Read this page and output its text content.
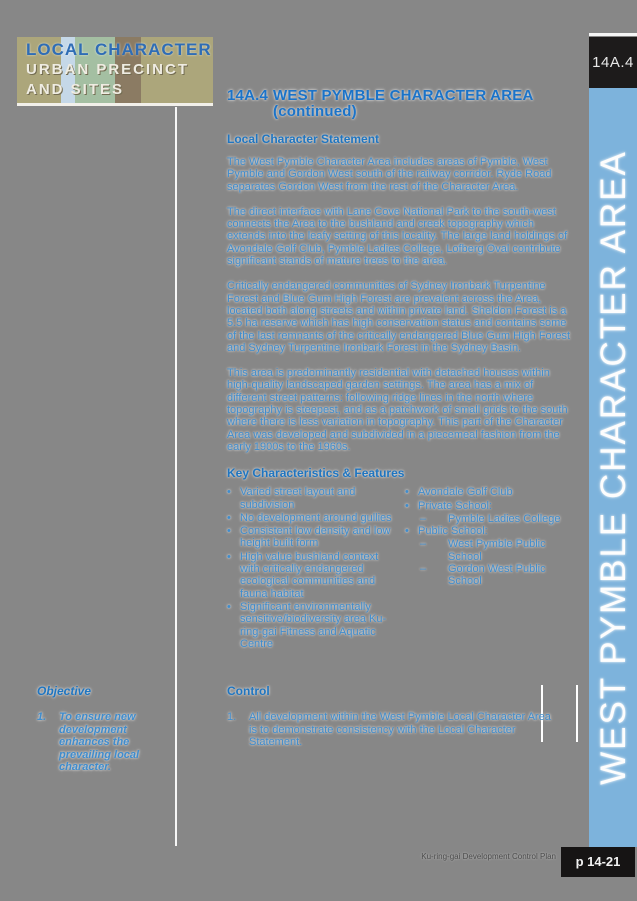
LOCAL CHARACTER
URBAN PRECINCT
AND SITES
14A.4
WEST PYMBLE CHARACTER AREA
p 14-21
Ku-ring-gai Development Control Plan
14A.4 WEST PYMBLE CHARACTER AREA
(continued)
Local Character Statement

The West Pymble Character Area includes areas of Pymble, West Pymble and Gordon West south of the railway corridor. Ryde Road separates Gordon West from the rest of the Character Area.

The direct interface with Lane Cove National Park to the south-west connects the Area to the bushland and creek topography which extends into the leafy setting of this locality. The large land holdings of Avondale Golf Club, Pymble Ladies College, Lofberg Oval contribute significant stands of mature trees to the area.

Critically endangered communities of Sydney Ironbark Turpentine Forest and Blue Gum High Forest are prevalent across the Area, located both along streets and within private land. Sheldon Forest is a 5.5 ha reserve which has high conservation status and contains some of the last remnants of the critically endangered Blue Gum High Forest and Sydney Turpentine Ironbark Forest in the Sydney Basin.

This area is predominantly residential with detached houses within high-quality landscaped garden settings. The area has a mix of different street patterns: following ridge lines in the north where topography is steepest, and as a patchwork of small grids to the south where there is less variation in topography. This part of the Character Area was developed and subdivided in a piecemeal fashion from the early 1900s to the 1960s.

Key Characteristics & Features
•
Varied street layout and subdivision
•
No development around gullies
•
Consistent low density and low height built form
•
High value bushland context with critically endangered ecological communities and fauna habitat
•
Significant environmentally sensitive/biodiversity area Ku-ring-gai Fitness and Aquatic Centre
•
Avondale Golf Club
•
Private School:
–
Pymble Ladies College
•
Public School:
–
West Pymble Public School
–
Gordon West Public School
Control
1.	All development within the West Pymble Local Character Area is to demonstrate consistency with the Local Character Statement.
Objective
1.	To ensure new development enhances the prevailing local character.
